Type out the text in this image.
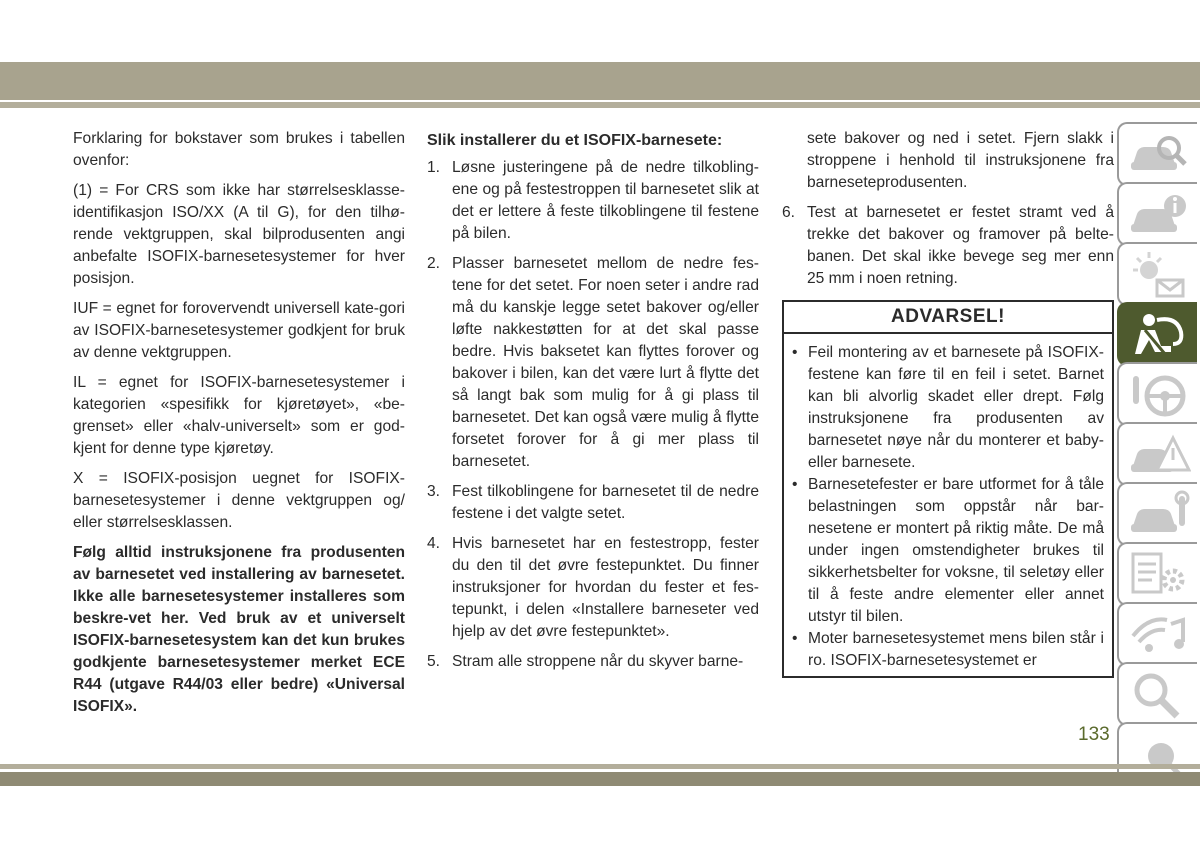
Forklaring for bokstaver som brukes i tabellen ovenfor:

(1) = For CRS som ikke har størrelsesklasse-identifikasjon ISO/XX (A til G), for den tilhø-rende vektgruppen, skal bilprodusenten angi anbefalte ISOFIX-barnesetesystemer for hver posisjon.

IUF = egnet for forovervendt universell kate-gori av ISOFIX-barnesetesystemer godkjent for bruk av denne vektgruppen.

IL = egnet for ISOFIX-barnesetesystemer i kategorien «spesifikk for kjøretøyet», «be-grenset» eller «halv-universelt» som er god-kjent for denne type kjøretøy.

X = ISOFIX-posisjon uegnet for ISOFIX-barnesetesystemer i denne vektgruppen og/ eller størrelsesklassen.

Følg alltid instruksjonene fra produsenten av barnesetet ved installering av barnesetet. Ikke alle barnesetesystemer installeres som beskre-vet her. Ved bruk av et universelt ISOFIX-barnesetesystem kan det kun brukes godkjente barnesetesystemer merket ECE R44 (utgave R44/03 eller bedre) «Universal ISOFIX».

Slik installerer du et ISOFIX-barnesete:
1. Løsne justeringene på de nedre tilkobling-ene og på festestroppen til barnesetet slik at det er lettere å feste tilkoblingene til festene på bilen.
2. Plasser barnesetet mellom de nedre fes-tene for det setet. For noen seter i andre rad må du kanskje legge setet bakover og/eller løfte nakkestøtten for at det skal passe bedre. Hvis baksetet kan flyttes forover og bakover i bilen, kan det være lurt å flytte det så langt bak som mulig for å gi plass til barnesetet. Det kan også være mulig å flytte forsetet forover for å gi mer plass til barnesetet.
3. Fest tilkoblingene for barnesetet til de nedre festene i det valgte setet.
4. Hvis barnesetet har en festestropp, fester du den til det øvre festepunktet. Du finner instruksjoner for hvordan du fester et fes-tepunkt, i delen «Installere barneseter ved hjelp av det øvre festepunktet».
5. Stram alle stroppene når du skyver barne-

sete bakover og ned i setet. Fjern slakk i stroppene i henhold til instruksjonene fra barneseteprodusenten.

6. Test at barnesetet er festet stramt ved å trekke det bakover og framover på belte-banen. Det skal ikke bevege seg mer enn 25 mm i noen retning.
ADVARSEL!
• Feil montering av et barnesete på ISOFIX-festene kan føre til en feil i setet. Barnet kan bli alvorlig skadet eller drept. Følg instruksjonene fra produsenten av barnesetet nøye når du monterer et baby- eller barnesete.
• Barnesetefester er bare utformet for å tåle belastningen som oppstår når bar-nesetene er montert på riktig måte. De må under ingen omstendigheter brukes til sikkerhetsbelter for voksne, til seletøy eller til å feste andre elementer eller annet utstyr til bilen.
• Moter barnesetesystemet mens bilen står i ro. ISOFIX-barnesetesystemet er
133
